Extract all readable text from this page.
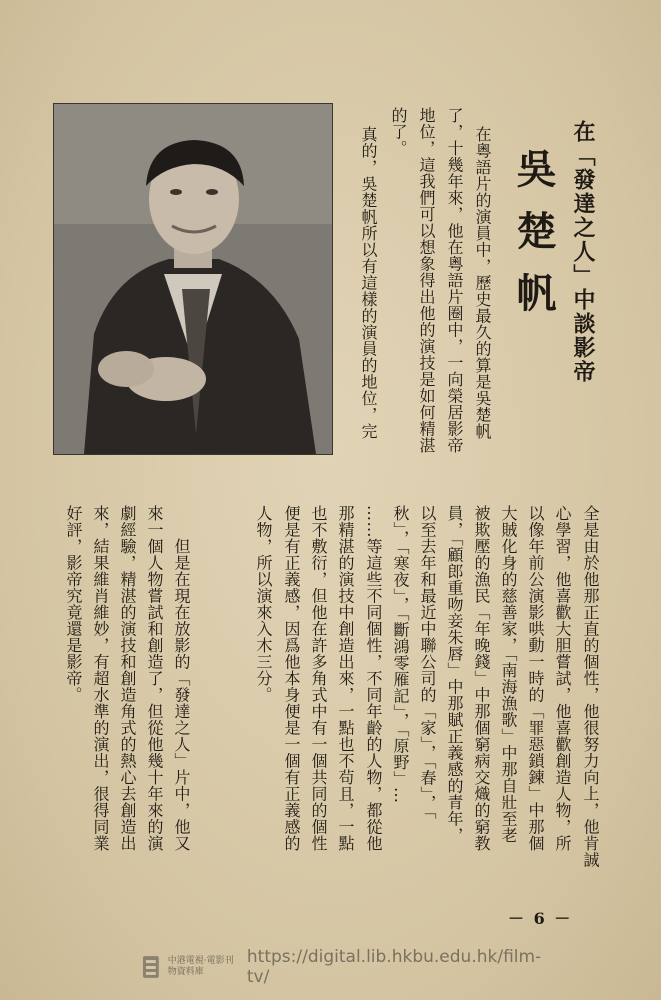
在「發達之人」中談影帝
吳楚帆
在粵語片的演員中，歷史最久的算是吳楚帆
了，十幾年來，他在粵語片圈中，一向榮居影帝
地位，這我們可以想象得出他的演技是如何精湛
的了。
真的，吳楚帆所以有這樣的演員的地位，完
全是由於他那正直的個性，他很努力向上，他肯誠
心學習，他喜歡大胆嘗試，他喜歡創造人物，所
以像年前公演影哄動一時的「罪惡鎖鍊」中那個
大賊化身的慈善家，「南海漁歌」中那自壯至老
被欺壓的漁民「年晚錢」中那個窮病交熾的窮教
員，「顧郎重吻妾朱唇」中那賦正義感的青年，
以至去年和最近中聯公司的「家」，「春」，「
秋」，「寒夜」，「斷鴻零雁記」，「原野」…
……等這些不同個性，不同年齡的人物，都從他
那精湛的演技中創造出來，一點也不茍且，一點
也不敷衍，但他在許多角式中有一個共同的個性
便是有正義感，因爲他本身便是一個有正義感的
人物，所以演來入木三分。
　　但是在現在放影的「發達之人」片中，他又
來一個人物嘗試和創造了，但從他幾十年來的演
劇經驗，精湛的演技和創造角式的熱心去創造出
來，結果維肖維妙，有超水準的演出，很得同業
好評，影帝究竟還是影帝。
－ 6 －
中港電視·電影刊物資料庫
https://digital.lib.hkbu.edu.hk/film-tv/
